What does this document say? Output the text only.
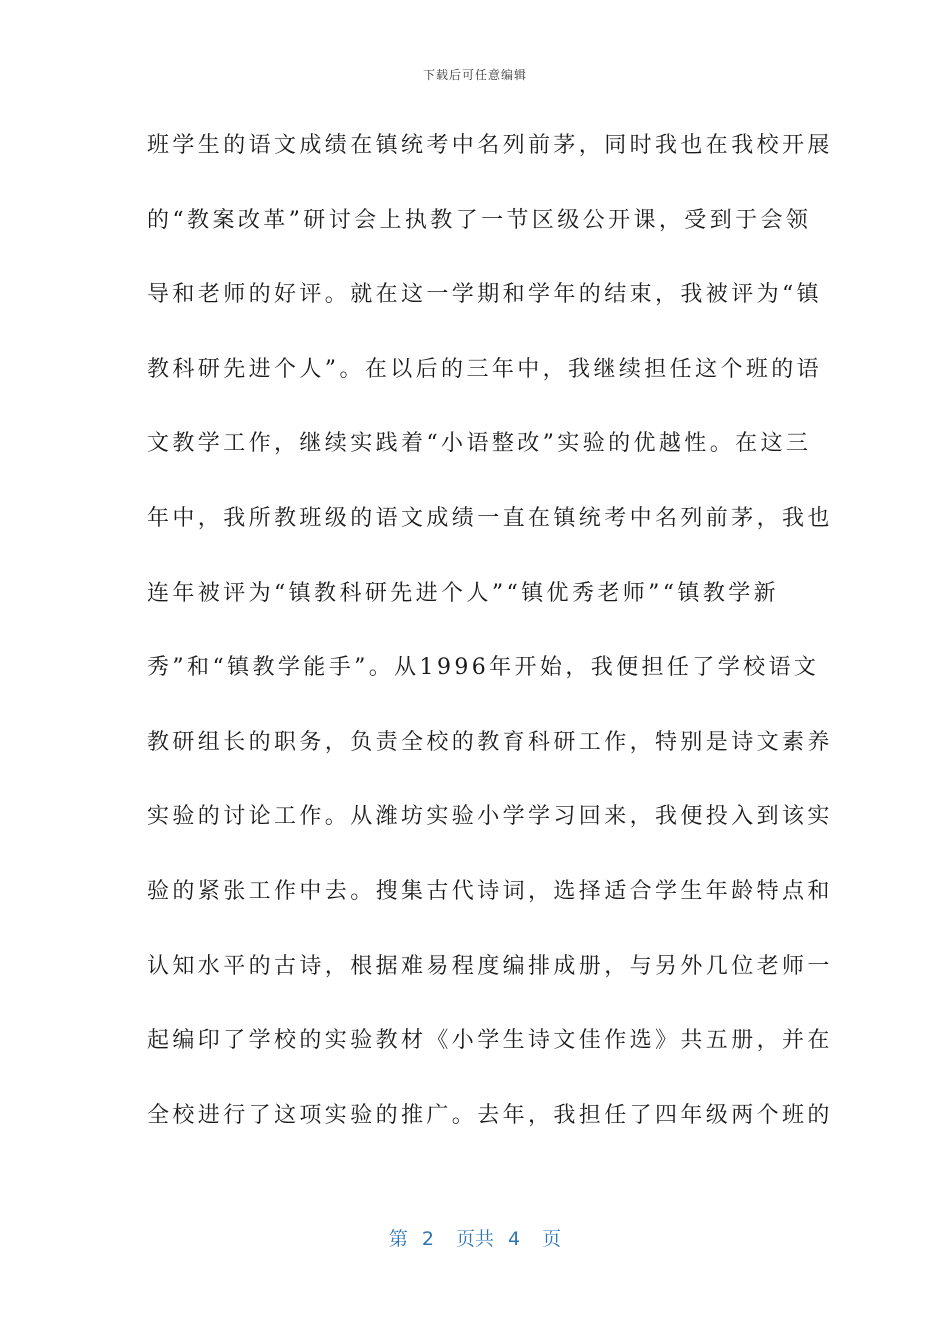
下载后可任意编辑
班学生的语文成绩在镇统考中名列前茅，同时我也在我校开展
的“教案改革”研讨会上执教了一节区级公开课，受到于会领
导和老师的好评。就在这一学期和学年的结束，我被评为“镇
教科研先进个人”。在以后的三年中，我继续担任这个班的语
文教学工作，继续实践着“小语整改”实验的优越性。在这三
年中，我所教班级的语文成绩一直在镇统考中名列前茅，我也
连年被评为“镇教科研先进个人”“镇优秀老师”“镇教学新
秀”和“镇教学能手”。从1996年开始，我便担任了学校语文
教研组长的职务，负责全校的教育科研工作，特别是诗文素养
实验的讨论工作。从潍坊实验小学学习回来，我便投入到该实
验的紧张工作中去。搜集古代诗词，选择适合学生年龄特点和
认知水平的古诗，根据难易程度编排成册，与另外几位老师一
起编印了学校的实验教材《小学生诗文佳作选》共五册，并在
全校进行了这项实验的推广。去年，我担任了四年级两个班的
第 2 页共 4 页
